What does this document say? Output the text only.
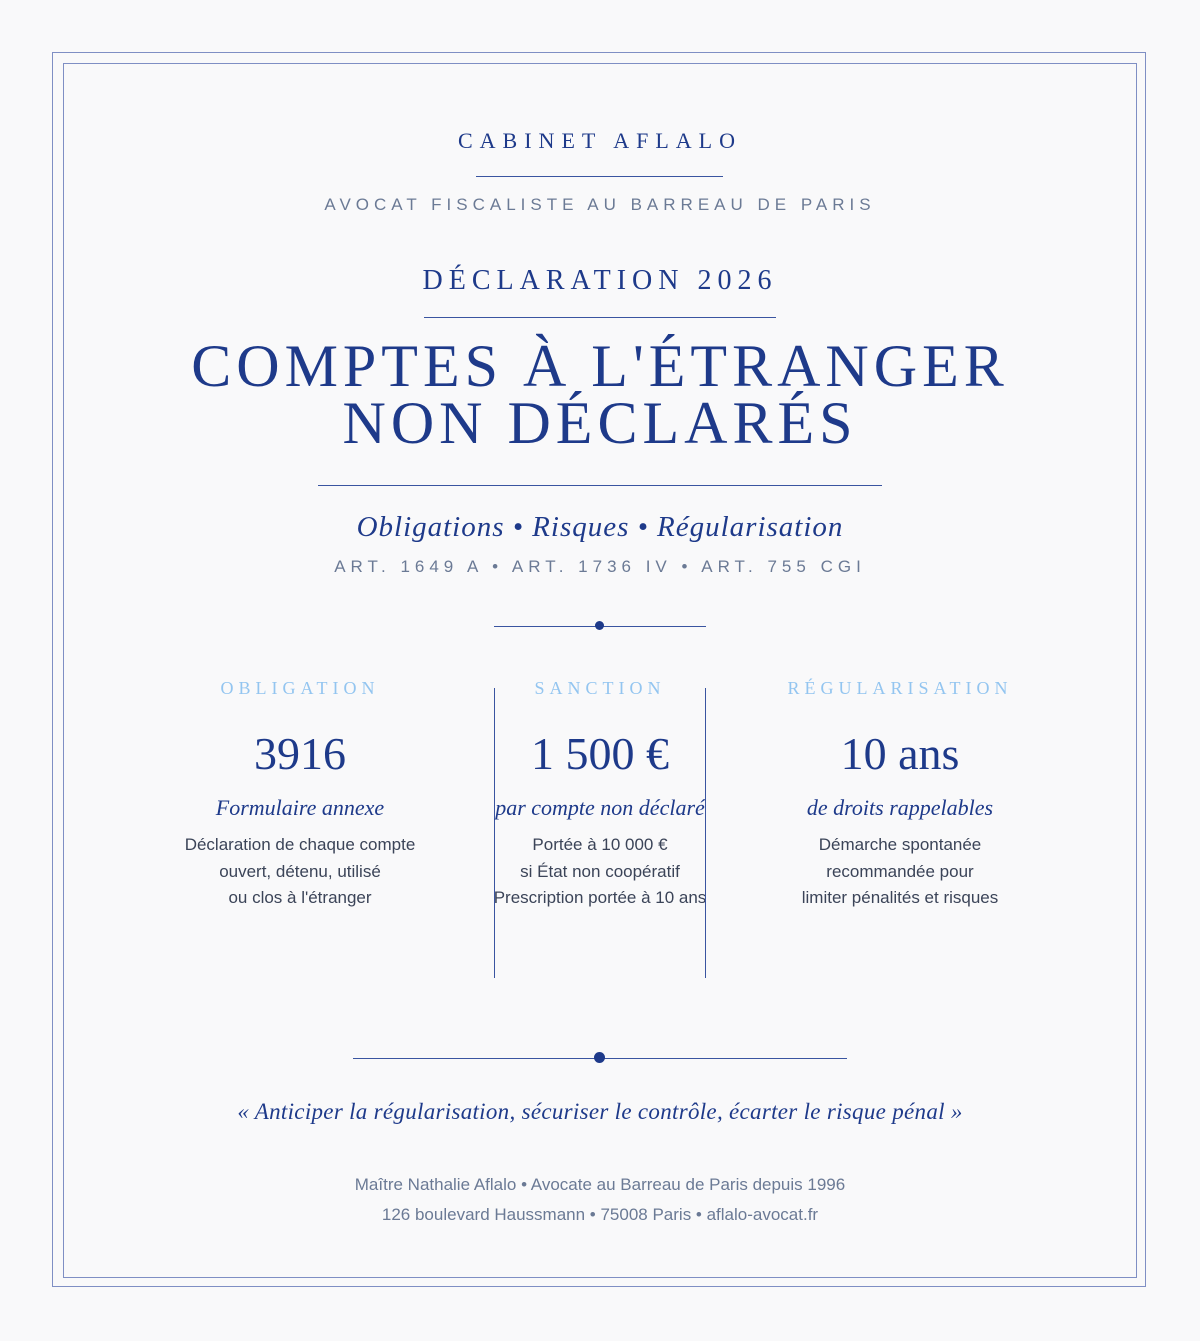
CABINET AFLALO
AVOCAT FISCALISTE AU BARREAU DE PARIS
DÉCLARATION 2026
COMPTES À L'ÉTRANGER
NON DÉCLARÉS
Obligations • Risques • Régularisation
ART. 1649 A • ART. 1736 IV • ART. 755 CGI
OBLIGATION
3916
Formulaire annexe
Déclaration de chaque compte
ouvert, détenu, utilisé
ou clos à l'étranger
SANCTION
1 500 €
par compte non déclaré
Portée à 10 000 €
si État non coopératif
Prescription portée à 10 ans
RÉGULARISATION
10 ans
de droits rappelables
Démarche spontanée
recommandée pour
limiter pénalités et risques
« Anticiper la régularisation, sécuriser le contrôle, écarter le risque pénal »
Maître Nathalie Aflalo • Avocate au Barreau de Paris depuis 1996
126 boulevard Haussmann • 75008 Paris • aflalo-avocat.fr
